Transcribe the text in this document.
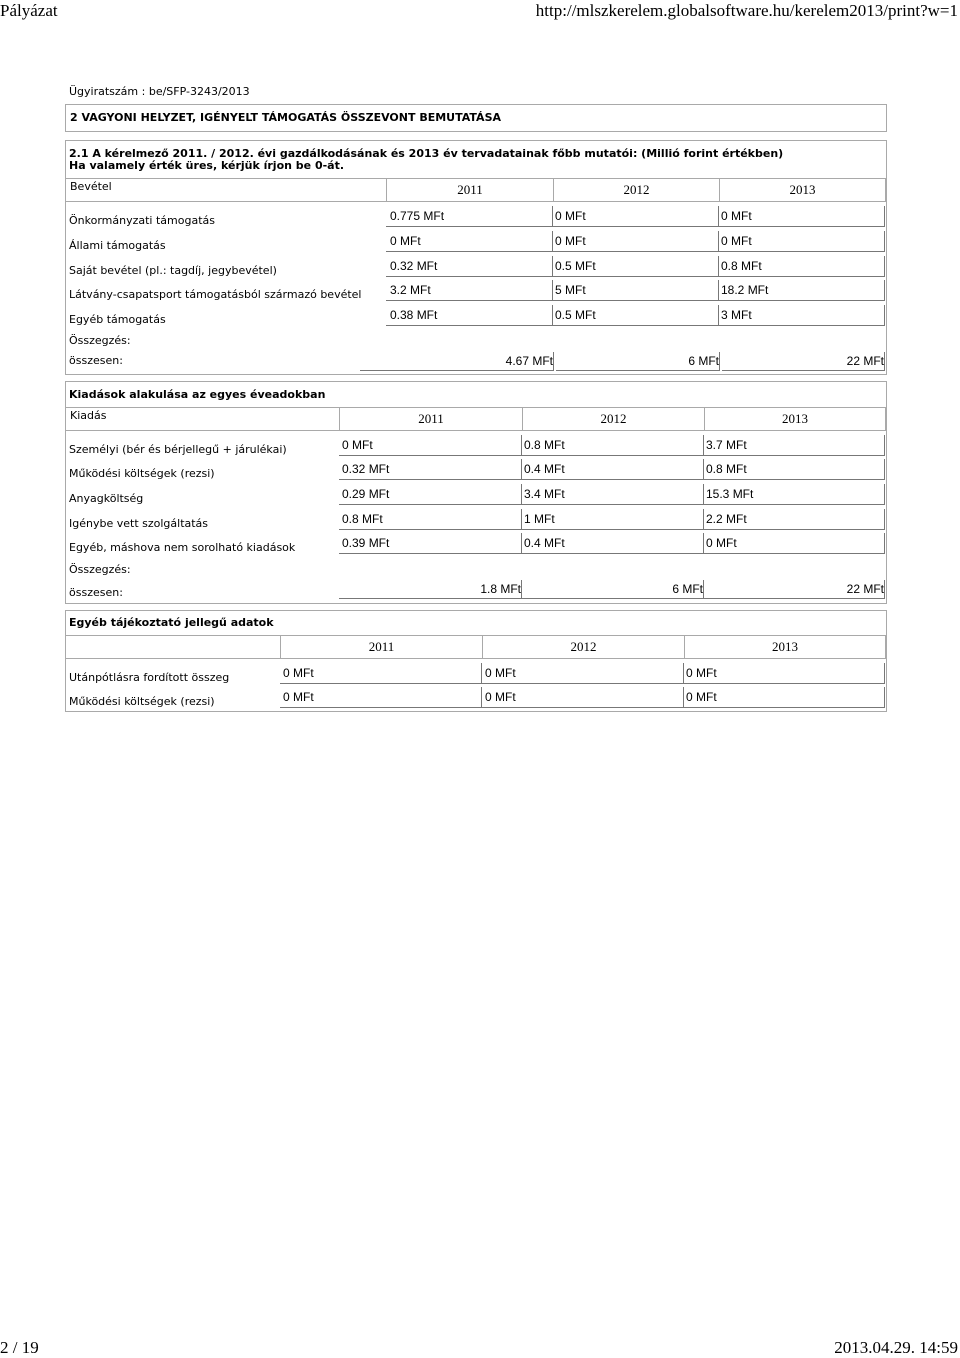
Pályázat	http://mlszkerelem.globalsoftware.hu/kerelem2013/print?w=1
Ügyiratszám : be/SFP-3243/2013
2 VAGYONI HELYZET, IGÉNYELT TÁMOGATÁS ÖSSZEVONT BEMUTATÁSA
2.1 A kérelmező 2011. / 2012. évi gazdálkodásának és 2013 év tervadatainak főbb mutatói: (Millió forint értékben)
Ha valamely érték üres, kérjük írjon be 0-át.
Bevétel	2011	2012	2013
Önkormányzati támogatás	0.775 MFt	0 MFt	0 MFt
Állami támogatás	0 MFt	0 MFt	0 MFt
Saját bevétel (pl.: tagdíj, jegybevétel)	0.32 MFt	0.5 MFt	0.8 MFt
Látvány-csapatsport támogatásból származó bevétel 3.2 MFt	5 MFt	18.2 MFt
Egyéb támogatás	0.38 MFt	0.5 MFt	3 MFt
Összegzés:
összesen:	4.67 MFt	6 MFt	22 MFt
Kiadások alakulása az egyes éveadokban
Kiadás	2011	2012	2013
Személyi (bér és bérjellegű + járulékai)	0 MFt	0.8 MFt	3.7 MFt
Működési költségek (rezsi)	0.32 MFt	0.4 MFt	0.8 MFt
Anyagköltség	0.29 MFt	3.4 MFt	15.3 MFt
Igénybe vett szolgáltatás	0.8 MFt	1 MFt	2.2 MFt
Egyéb, máshova nem sorolható kiadások	0.39 MFt	0.4 MFt	0 MFt
Összegzés:
összesen:	1.8 MFt	6 MFt	22 MFt
Egyéb tájékoztató jellegű adatok
2011	2012	2013
Utánpótlásra fordított összeg	0 MFt	0 MFt	0 MFt
Működési költségek (rezsi)	0 MFt	0 MFt	0 MFt
2 / 19	2013.04.29. 14:59
